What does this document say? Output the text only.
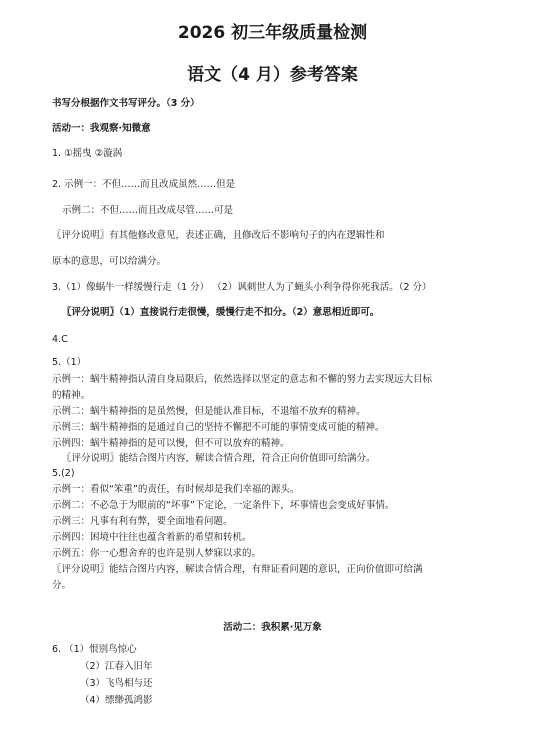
2026 初三年级质量检测
语文（4 月）参考答案
书写分根据作文书写评分。（3 分）
活动一：我观察·知微意
1. ①摇曳 ②漩涡
2. 示例一：不但……而且改成虽然……但是
示例二：不但……而且改成尽管……可是
〖评分说明〗有其他修改意见，表述正确，且修改后不影响句子的内在逻辑性和
原本的意思，可以给满分。
3.（1）像蜗牛一样缓慢行走（1 分） （2）讽刺世人为了蝇头小利争得你死我活。（2 分）
〖评分说明〗（1）直接说行走很慢，缓慢行走不扣分。（2）意思相近即可。
4.C
5.（1）
示例一：蜗牛精神指认清自身局限后，依然选择以坚定的意志和不懈的努力去实现远大目标
的精神。
示例二：蜗牛精神指的是虽然慢，但是能认准目标，不退缩不放弃的精神。
示例三：蜗牛精神指的是通过自己的坚持不懈把不可能的事情变成可能的精神。
示例四：蜗牛精神指的是可以慢，但不可以放弃的精神。
〖评分说明〗能结合图片内容，解读合情合理，符合正向价值即可给满分。
5.(2)
示例一：看似“笨重”的责任，有时候却是我们幸福的源头。
示例二：不必急于为眼前的“坏事”下定论，一定条件下，坏事情也会变成好事情。
示例三：凡事有利有弊，要全面地看问题。
示例四：困境中往往也蕴含着新的希望和转机。
示例五：你一心想舍弃的也许是别人梦寐以求的。
〖评分说明〗能结合图片内容，解读合情合理，有辩证看问题的意识，正向价值即可给满
分。
活动二：我积累·见万象
6. （1）恨别鸟惊心
（2）江春入旧年
（3）飞鸟相与还
（4）缥缈孤鸿影
